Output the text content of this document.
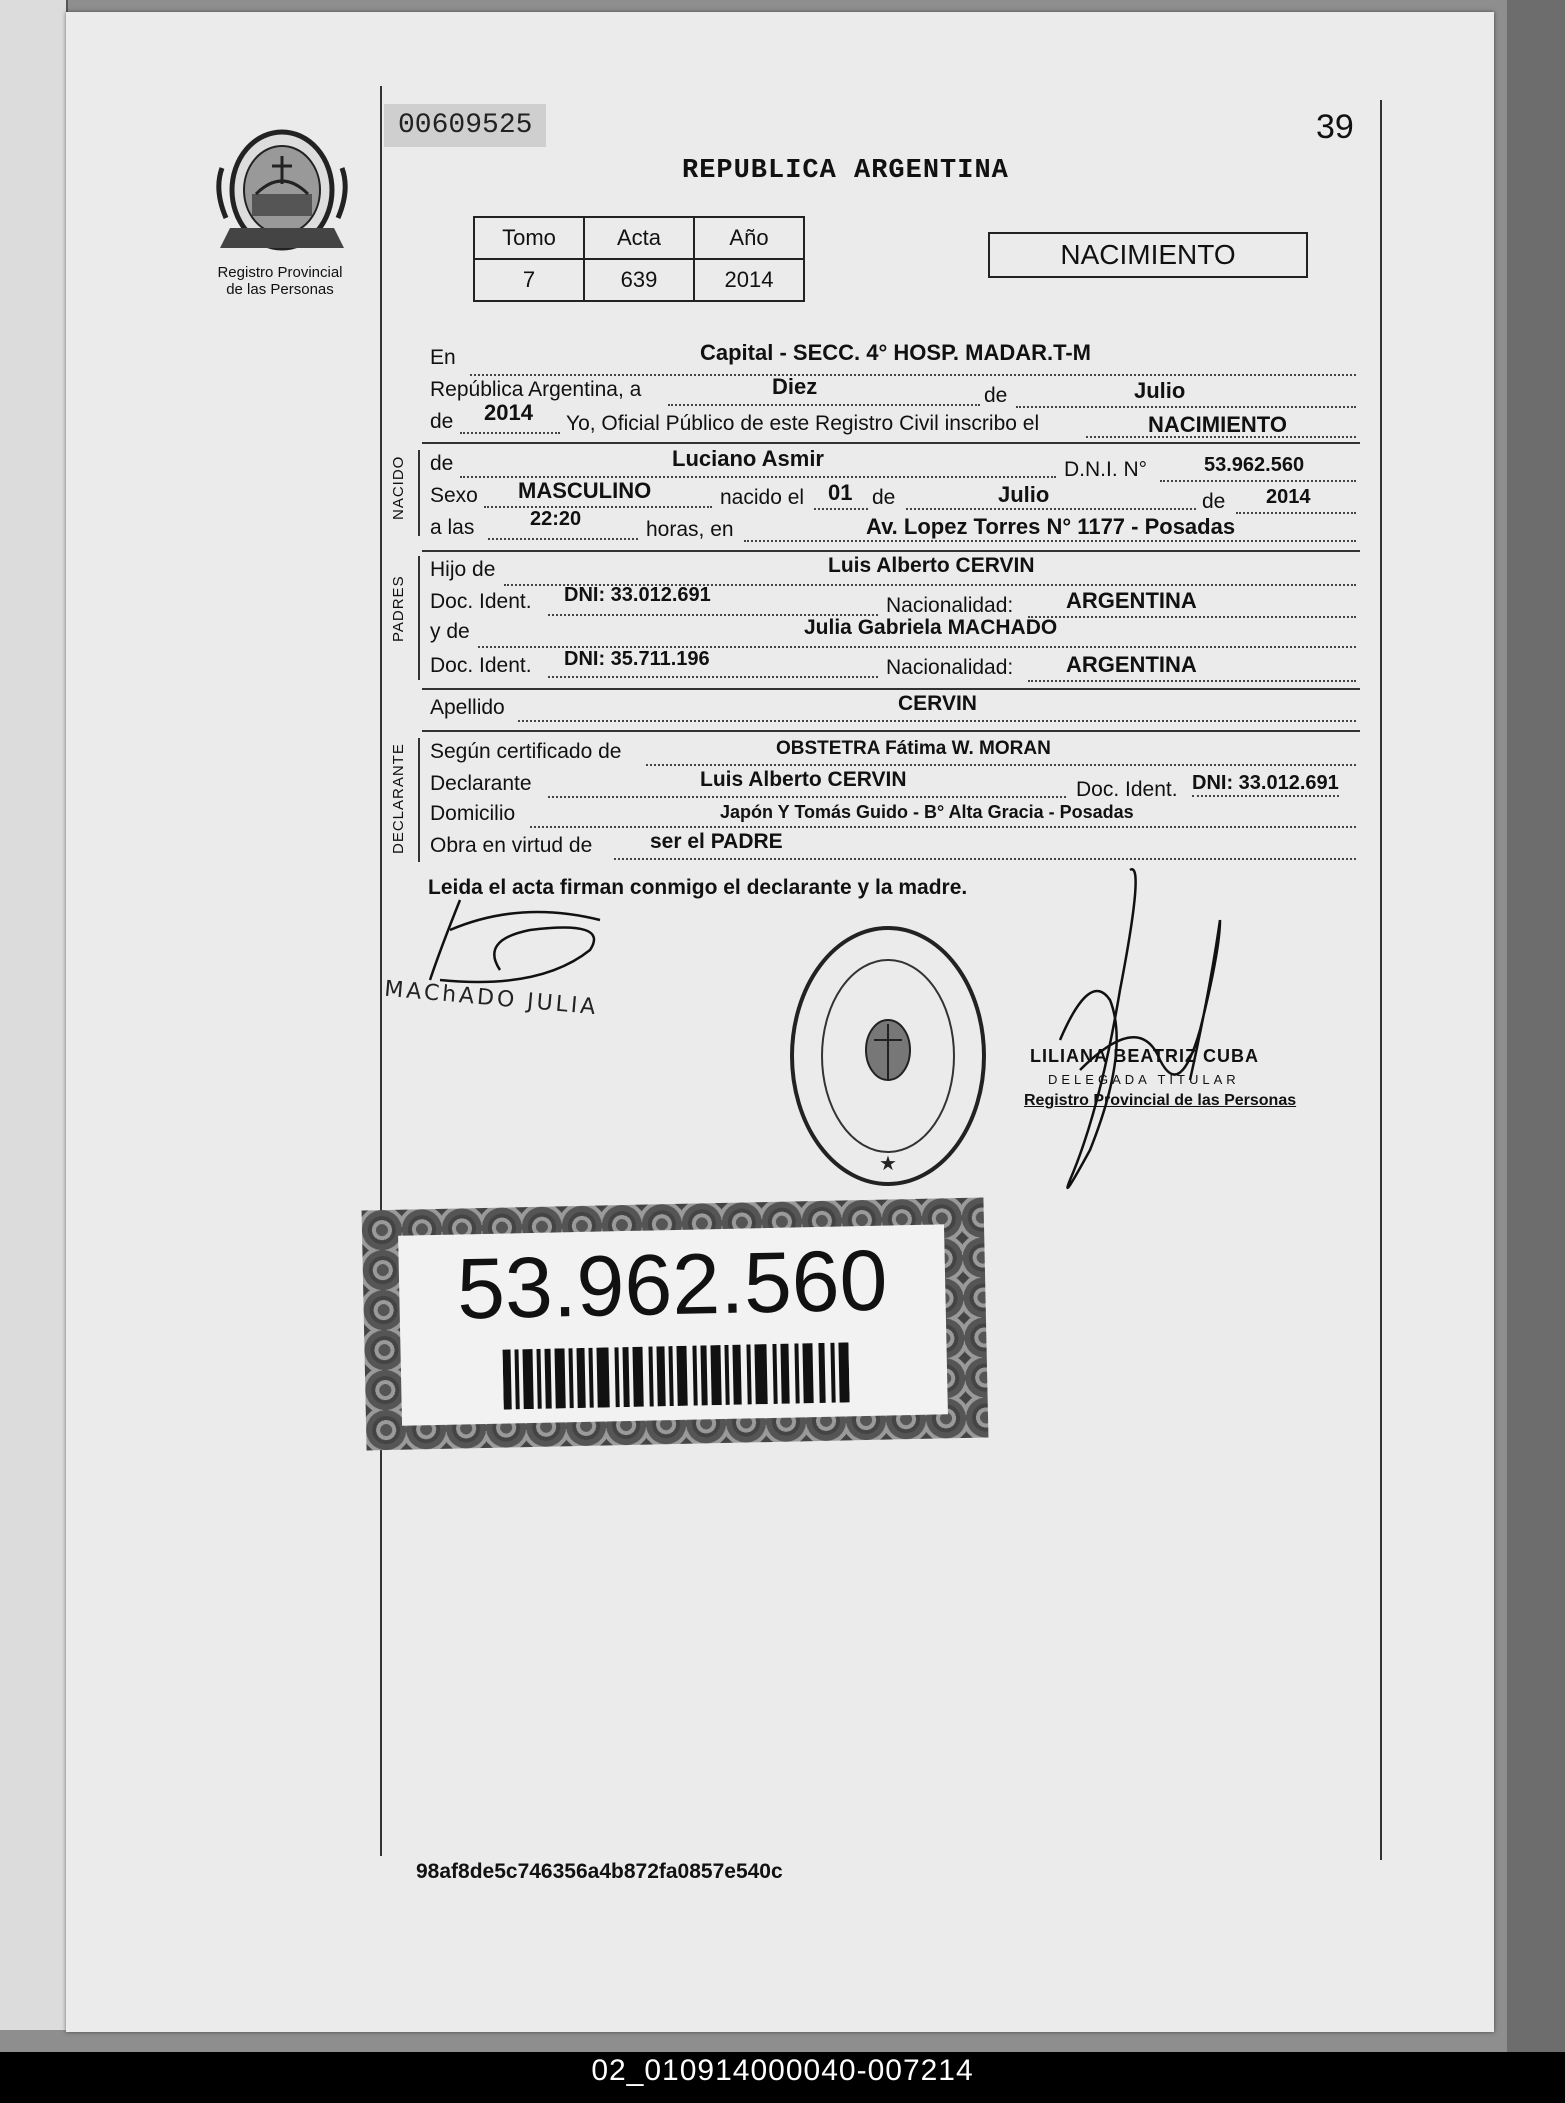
Registro Provincial
de las Personas
00609525	39
REPUBLICA ARGENTINA
Tomo	Acta	Año
7	639	2014
NACIMIENTO
En	Capital - SECC. 4° HOSP. MADAR.T-M
República Argentina, a	Diez	de	Julio
de 2014 Yo, Oficial Público de este Registro Civil inscribo el	NACIMIENTO
NACIDO de	Luciano Asmir	D.N.I. N°	53.962.560
Sexo MASCULINO	nacido el 01 de	Julio	de 2014
a las	22:20	horas, en	Av. Lopez Torres N° 1177 - Posadas
PADRES
Hijo de	Luis Alberto CERVIN
Doc. Ident. DNI: 33.012.691	Nacionalidad: ARGENTINA
y de	Julia Gabriela MACHADO
Doc. Ident. DNI: 35.711.196	Nacionalidad: ARGENTINA
Apellido	CERVIN
DECLARANTE Según certificado de	OBSTETRA Fátima W. MORAN
Declarante	Luis Alberto CERVIN	Doc. Ident. DNI: 33.012.691
Domicilio	Japón Y Tomás Guido - B° Alta Gracia - Posadas
Obra en virtud de	ser el PADRE
Leida el acta firman conmigo el declarante y la madre.
MAChADO JULIA
★
LILIANA BEATRIZ CUBA
DELEGADA TITULAR
Registro Provincial de las Personas
53.962.560
98af8de5c746356a4b872fa0857e540c
02_010914000040-007214
